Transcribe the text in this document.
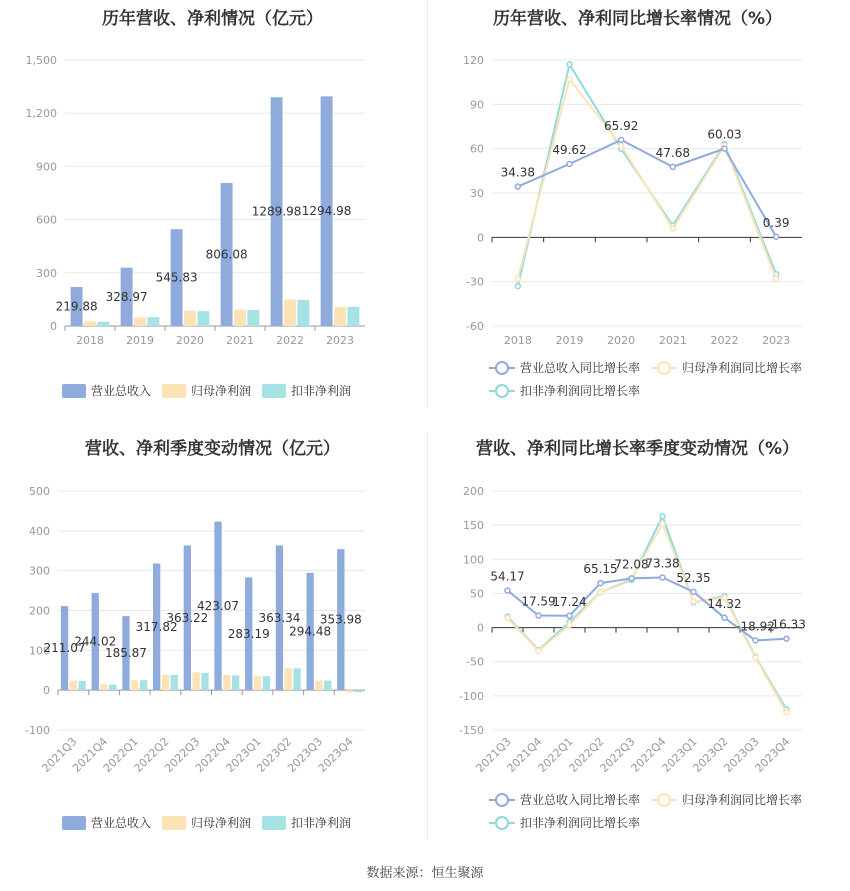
历年营收、净利情况（亿元）
0
300
600
900
1,200
1,500
2018 2019 2020 2021 2022 2023
219.88
328.97
545.83
806.08
1289.98 1294.98
营业总收入	归母净利润	扣非净利润
历年营收、净利同比增长率情况（%）
-60
-30
0
30
60
90
120
2018 2019 2020 2021 2022 2023
34.38
49.62
65.92
47.68
60.03
0.39
营业总收入同比增长率	归母净利润同比增长率
扣非净利润同比增长率
营收、净利季度变动情况（亿元）
-100
0
100
200
300
400
500
2021Q3
2021Q4
2022Q1
2022Q2
2022Q3
2022Q4
2023Q1
2023Q2
2023Q3
2023Q4
211.07
244.02
185.87
317.82
363.22
423.07
283.19
363.34
294.48
353.98
营业总收入	归母净利润	扣非净利润
营收、净利同比增长率季度变动情况（%）
-150
-100
-50
0
50
100
150
200
2021Q3
2021Q4
2022Q1
2022Q2
2022Q3
2022Q4
2023Q1
2023Q2
2023Q3
2023Q4
54.17
17.59
17.24
65.15
72.08
73.38
52.35
14.32
-18.92
-16.33
营业总收入同比增长率	归母净利润同比增长率
扣非净利润同比增长率
数据来源：恒生聚源
